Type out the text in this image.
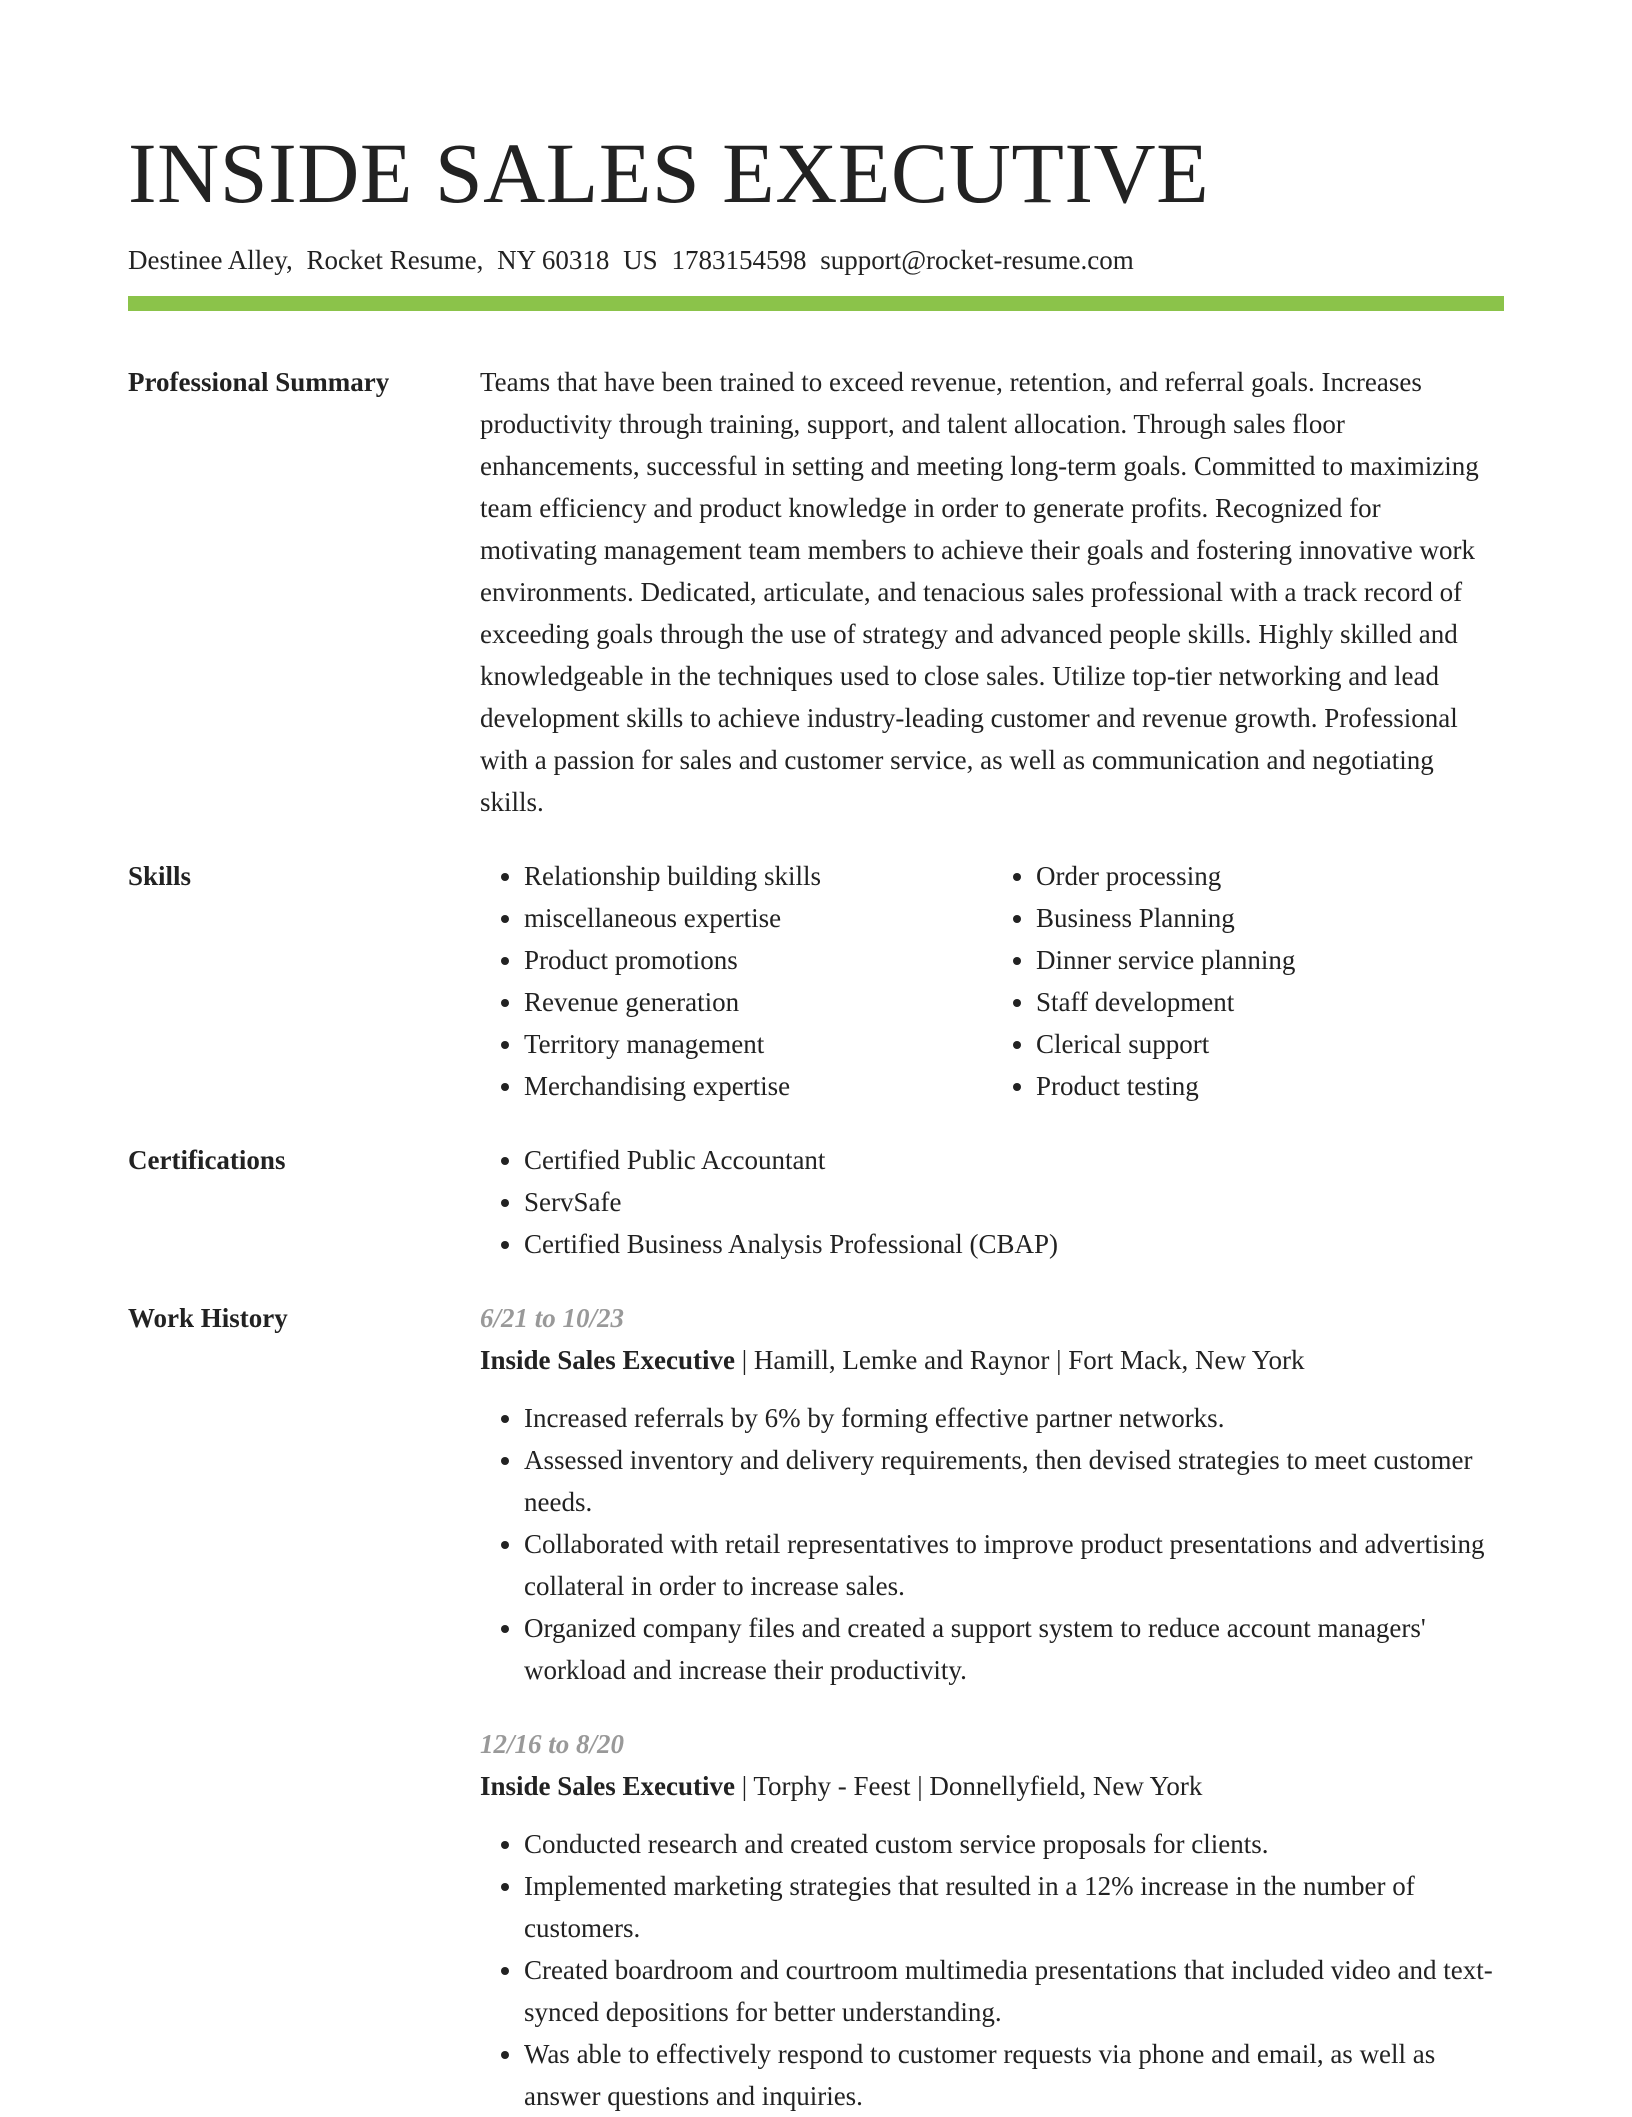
INSIDE SALES EXECUTIVE
Destinee Alley, Rocket Resume, NY 60318 US 1783154598 support@rocket-resume.com
Professional Summary	Teams that have been trained to exceed revenue, retention, and referral goals. Increases productivity through training, support, and talent allocation. Through sales floor enhancements, successful in setting and meeting long-term goals. Committed to maximizing team efficiency and product knowledge in order to generate profits. Recognized for motivating management team members to achieve their goals and fostering innovative work environments. Dedicated, articulate, and tenacious sales professional with a track record of exceeding goals through the use of strategy and advanced people skills. Highly skilled and knowledgeable in the techniques used to close sales. Utilize top-tier networking and lead development skills to achieve industry-leading customer and revenue growth. Professional with a passion for sales and customer service, as well as communication and negotiating skills.

Skills	• Relationship building skills
• miscellaneous expertise
• Product promotions
• Revenue generation
• Territory management
• Merchandising expertise
• Order processing
• Business Planning
• Dinner service planning
• Staff development
• Clerical support
• Product testing
Certifications	• Certified Public Accountant
• ServSafe
• Certified Business Analysis Professional (CBAP)
Work History	6/21 to 10/23
Inside Sales Executive | Hamill, Lemke and Raynor | Fort Mack, New York
• Increased referrals by 6% by forming effective partner networks.
• Assessed inventory and delivery requirements, then devised strategies to meet customer needs.
• Collaborated with retail representatives to improve product presentations and advertising collateral in order to increase sales.
• Organized company files and created a support system to reduce account managers' workload and increase their productivity.
12/16 to 8/20
Inside Sales Executive | Torphy - Feest | Donnellyfield, New York
• Conducted research and created custom service proposals for clients.
• Implemented marketing strategies that resulted in a 12% increase in the number of customers.
• Created boardroom and courtroom multimedia presentations that included video and text-synced depositions for better understanding.
• Was able to effectively respond to customer requests via phone and email, as well as answer questions and inquiries.
